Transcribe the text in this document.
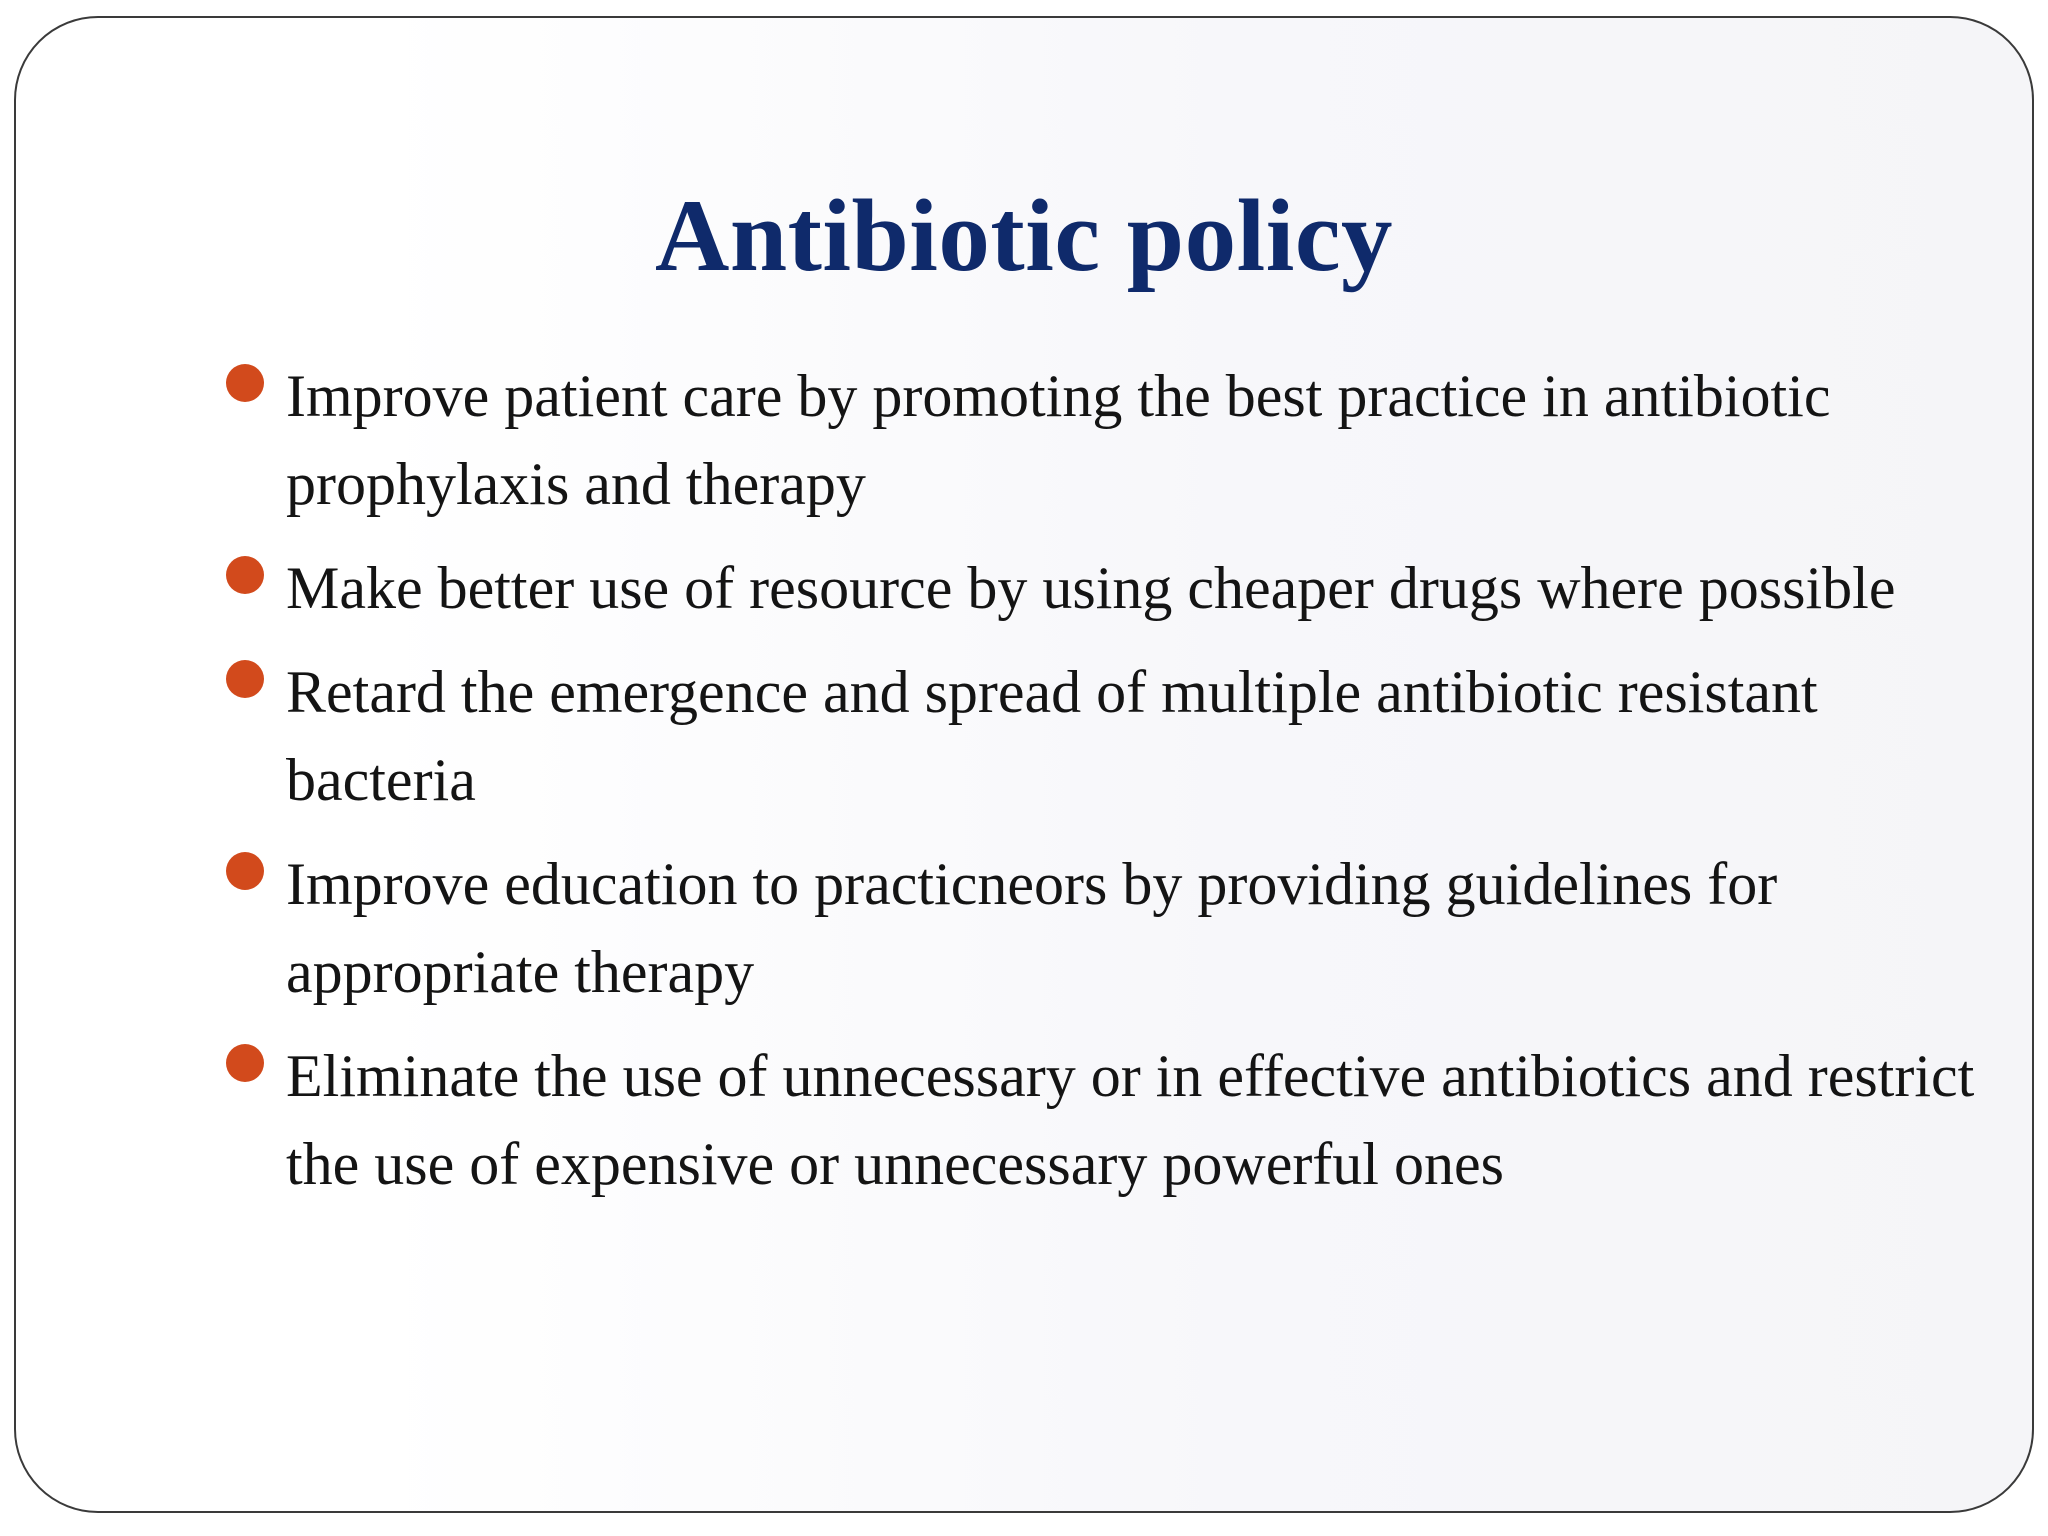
Antibiotic policy
Improve patient care by promoting the best practice in antibiotic prophylaxis and therapy
Make better use of resource by using cheaper drugs where possible
Retard the emergence and spread of multiple antibiotic resistant bacteria
Improve education to practicneors by providing guidelines for appropriate therapy
Eliminate the use of unnecessary or in effective antibiotics and restrict the use of expensive or unnecessary powerful ones
